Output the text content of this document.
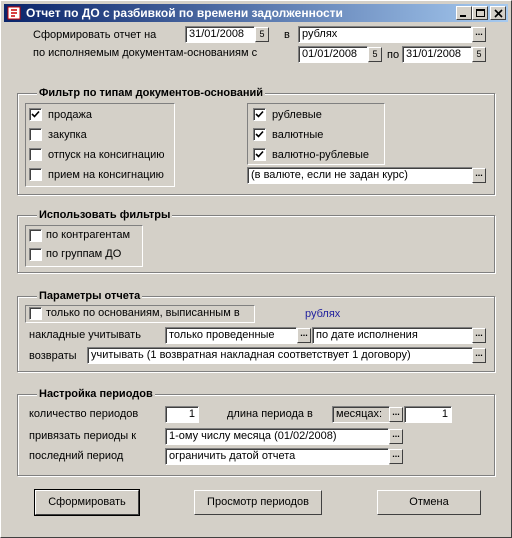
Отчет по ДО с разбивкой по времени задолженности
Сформировать отчет на	31/01/2008	5	в	рублях	...
по исполняемым документам-основаниям с	01/01/2008	5 по 31/01/2008	5
Фильтр по типам документов-оснований
продажа
закупка
отпуск на консигнацию
прием на консигнацию
рублевые
валютные
валютно-рублевые
(в валюте, если не задан курс)	...
Использовать фильтры
по контрагентам
по группам ДО
Параметры отчета
только по основаниям, выписанным в	рублях
накладные учитывать	только проведенные	... по дате исполнения	...
возвраты	учитывать (1 возвратная накладная соответствует 1 договору)	...
Настройка периодов
количество периодов	1	длина периода в	месяцах:	...	1
привязать периоды к	1-ому числу месяца (01/02/2008)	...
последний период	ограничить датой отчета	...
Сформировать	Просмотр периодов	Отмена
